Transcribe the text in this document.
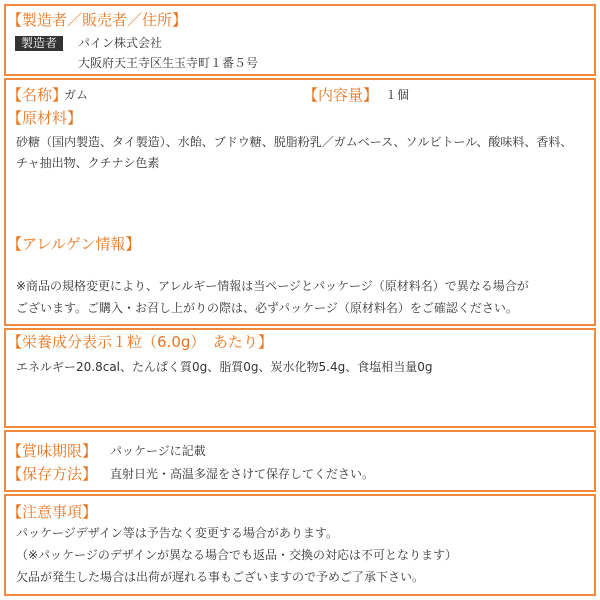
【製造者／販売者／住所】
製造者	パイン株式会社
大阪府天王寺区生玉寺町１番５号
【名称】
ガム	【内容量】 １個
【原材料】
砂糖（国内製造、タイ製造）、水飴、ブドウ糖、脱脂粉乳／ガムベース、ソルビトール、酸味料、香料、
チャ抽出物、クチナシ色素
【アレルゲン情報】
※商品の規格変更により、アレルギー情報は当ページとパッケージ（原材料名）で異なる場合が
ございます。ご購入・お召し上がりの際は、必ずパッケージ（原材料名）をご確認ください。
【栄養成分表示１粒（6.0g）　あたり】
エネルギー20.8cal、たんぱく質0g、脂質0g、炭水化物5.4g、食塩相当量0g
【賞味期限】 パッケージに記載
【保存方法】 直射日光・高温多湿をさけて保存してください。
【注意事項】
パッケージデザイン等は予告なく変更する場合があります。
（※パッケージのデザインが異なる場合でも返品・交換の対応は不可となります）
欠品が発生した場合は出荷が遅れる事もございますので予めご了承下さい。
